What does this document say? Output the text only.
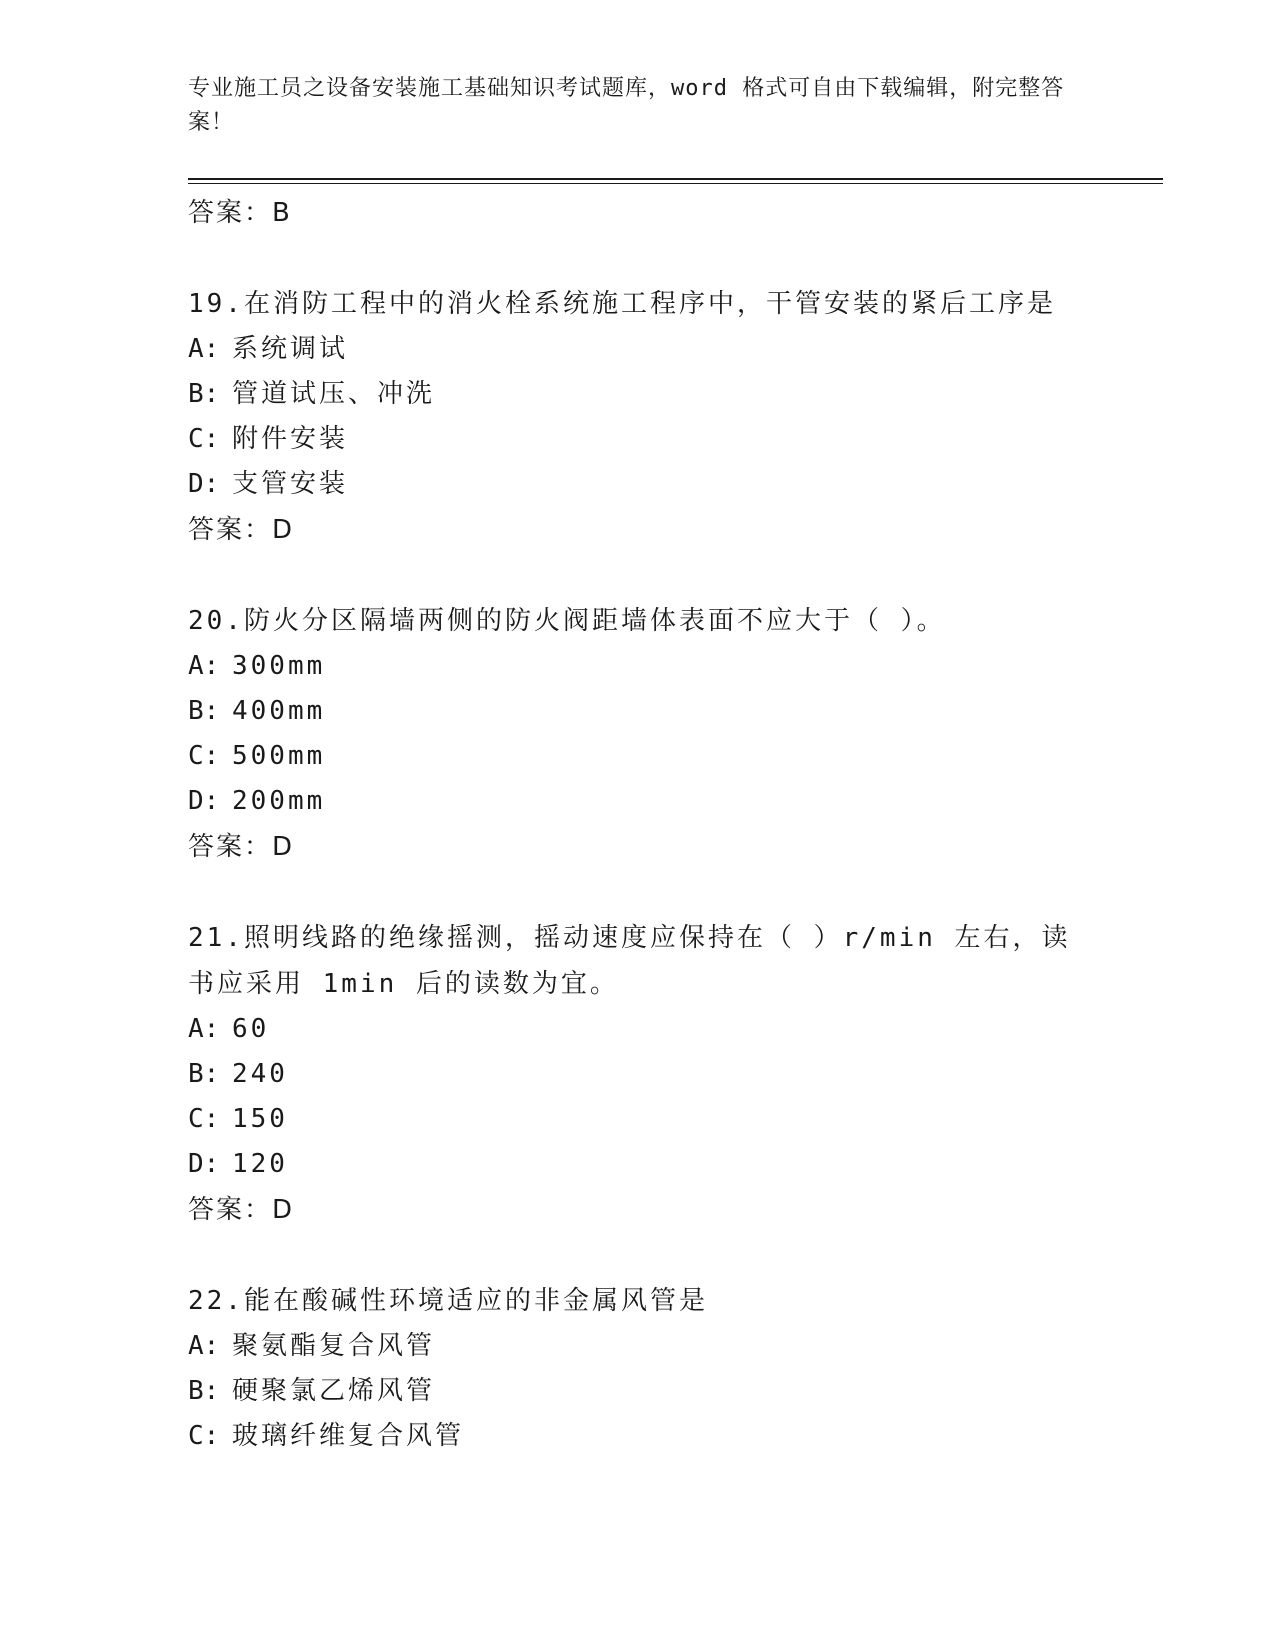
专业施工员之设备安装施工基础知识考试题库，word 格式可自由下载编辑，附完整答案！
答案：B
19.在消防工程中的消火栓系统施工程序中，干管安装的紧后工序是
A: 系统调试
B: 管道试压、冲洗
C: 附件安装
D: 支管安装
答案：D
20.防火分区隔墙两侧的防火阀距墙体表面不应大于（ ）。
A: 300mm
B: 400mm
C: 500mm
D: 200mm
答案：D
21.照明线路的绝缘摇测，摇动速度应保持在（ ）r/min 左右，读书应采用 1min 后的读数为宜。
A: 60
B: 240
C: 150
D: 120
答案：D
22.能在酸碱性环境适应的非金属风管是
A: 聚氨酯复合风管
B: 硬聚氯乙烯风管
C: 玻璃纤维复合风管
